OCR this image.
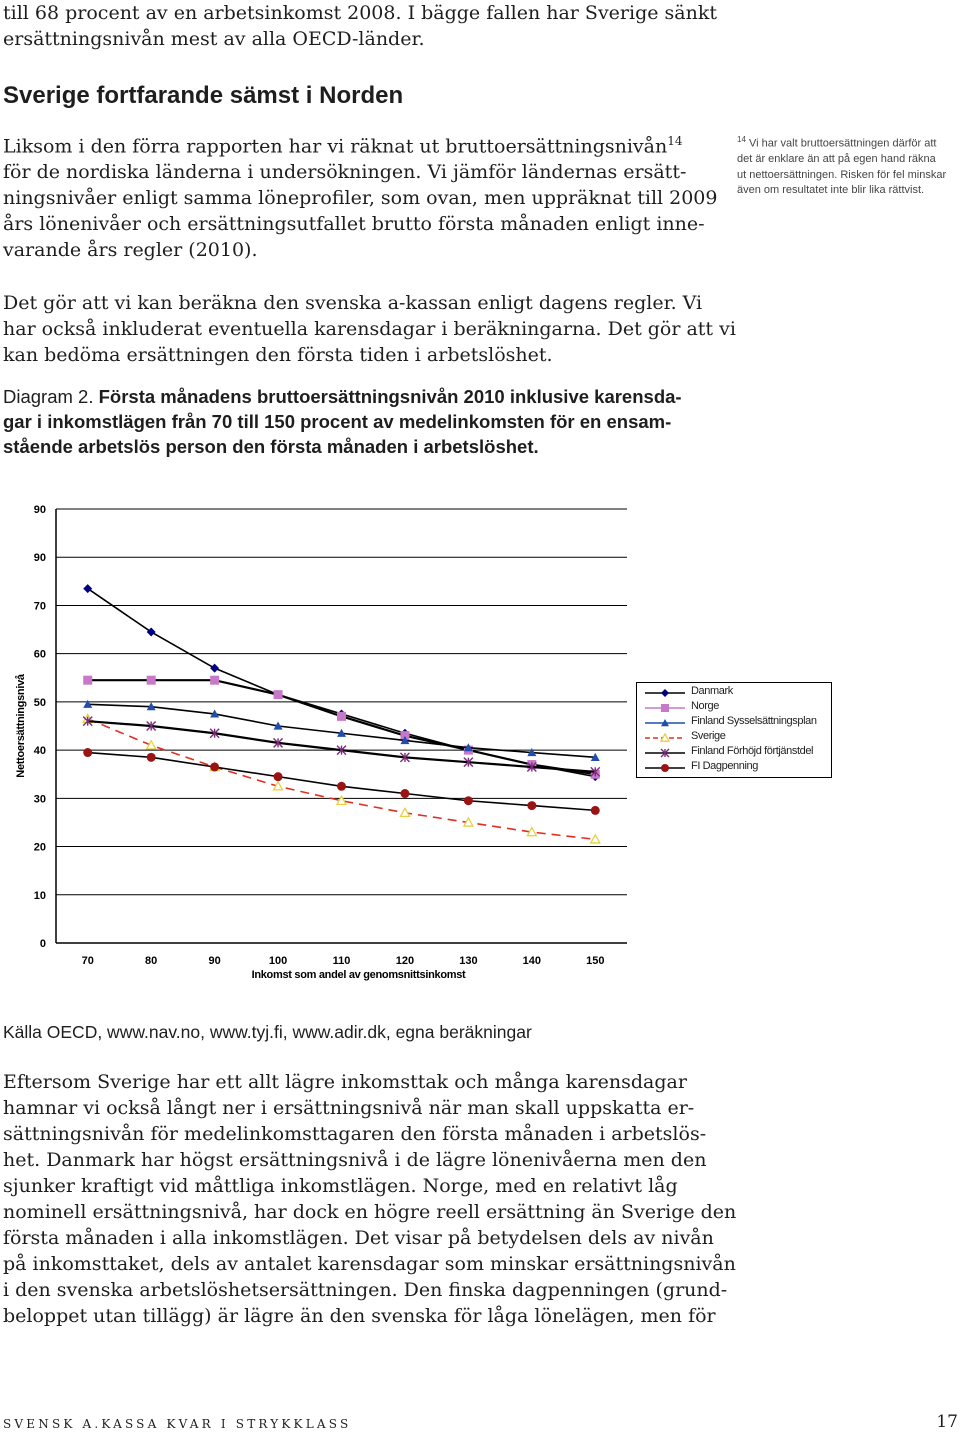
till 68 procent av en arbetsinkomst 2008. I bägge fallen har Sverige sänkt
ersättningsnivån mest av alla OECD-länder.
Sverige fortfarande sämst i Norden
Liksom i den förra rapporten har vi räknat ut bruttoersättningsnivån$^{14}$
för de nordiska länderna i undersökningen. Vi jämför ländernas ersätt-
ningsnivåer enligt samma löneprofiler, som ovan, men uppräknat till 2009
års lönenivåer och ersättningsutfallet brutto första månaden enligt inne-
varande års regler (2010).
$^{14}$ Vi har valt bruttoersättningen därför att
det är enklare än att på egen hand räkna
ut nettoersättningen. Risken för fel minskar
även om resultatet inte blir lika rättvist.
Det gör att vi kan beräkna den svenska a-kassan enligt dagens regler. Vi
har också inkluderat eventuella karensdagar i beräkningarna. Det gör att vi
kan bedöma ersättningen den första tiden i arbetslöshet.
Diagram 2. Första månadens bruttoersättningsnivån 2010 inklusive karensda-
gar i inkomstlägen från 70 till 150 procent av medelinkomsten för en ensam-
stående arbetslös person den första månaden i arbetslöshet.
0
10
20
30
40
50
60
70
90
90
70	80	90	100	110	120	130	140	150
Inkomst som andel av genomsnittsinkomst
Nettoersättningsnivå	Danmark
Norge
Finland Sysselsättningsplan
Sverige
Finland Förhöjd förtjänstdel
FI Dagpenning
Källa OECD, www.nav.no, www.tyj.fi, www.adir.dk, egna beräkningar
Eftersom Sverige har ett allt lägre inkomsttak och många karensdagar
hamnar vi också långt ner i ersättningsnivå när man skall uppskatta er-
sättningsnivån för medelinkomsttagaren den första månaden i arbetslös-
het. Danmark har högst ersättningsnivå i de lägre lönenivåerna men den
sjunker kraftigt vid måttliga inkomstlägen. Norge, med en relativt låg
nominell ersättningsnivå, har dock en högre reell ersättning än Sverige den
första månaden i alla inkomstlägen. Det visar på betydelsen dels av nivån
på inkomsttaket, dels av antalet karensdagar som minskar ersättningsnivån
i den svenska arbetslöshetsersättningen. Den finska dagpenningen (grund-
beloppet utan tillägg) är lägre än den svenska för låga lönelägen, men för
SVENSK A.KASSA KVAR I STRYKKLASS	17
